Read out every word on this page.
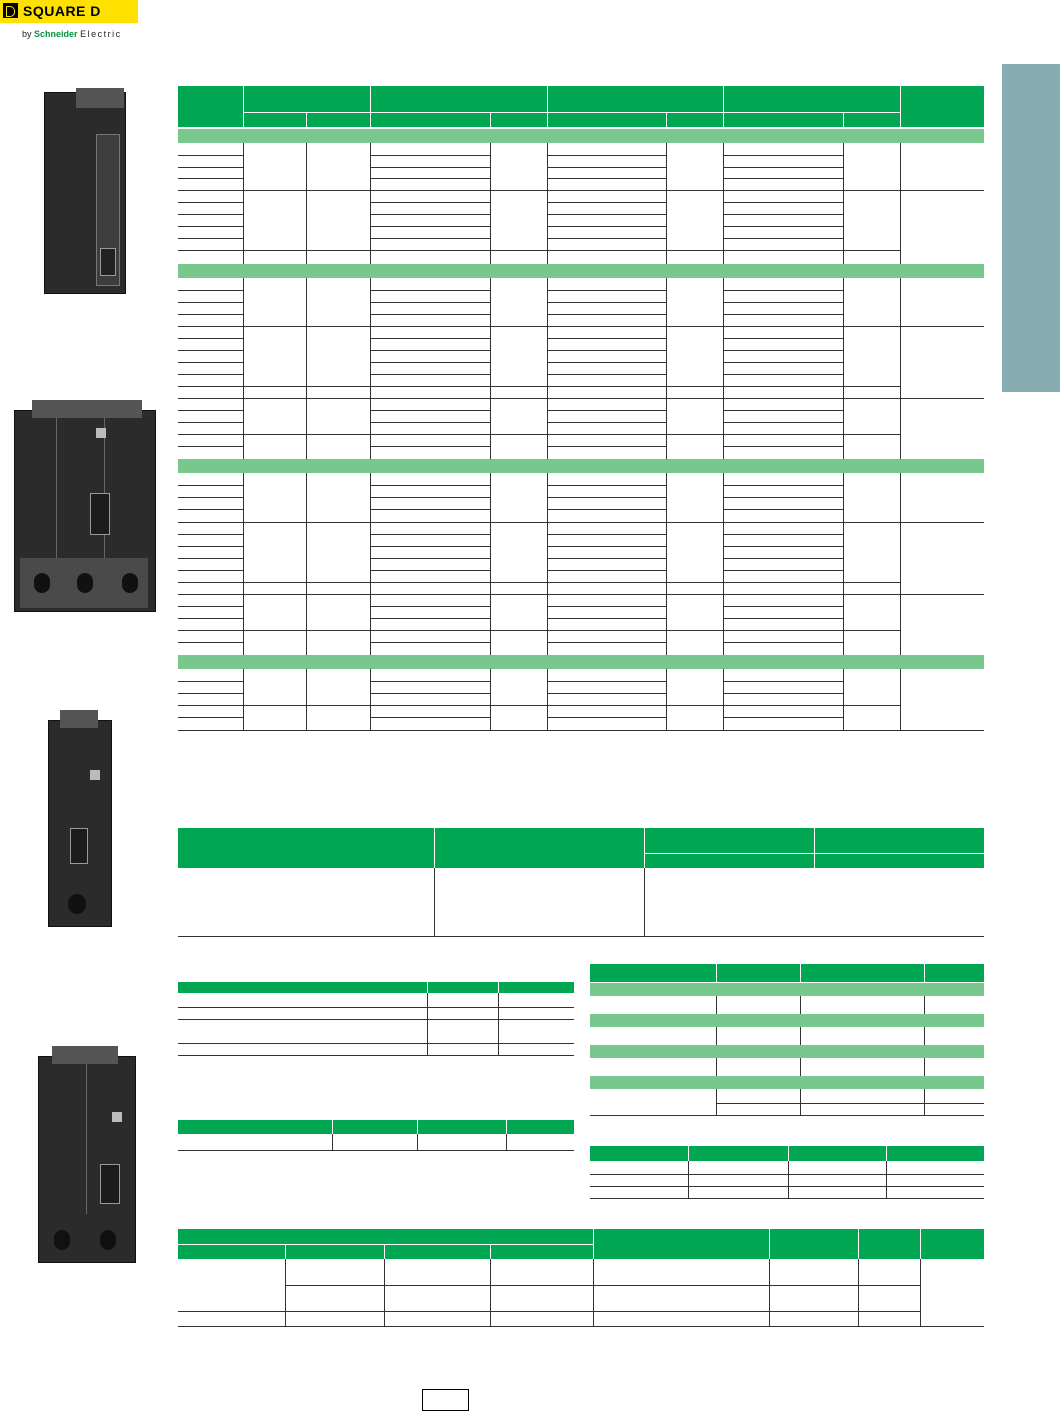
SQUARE D
by Schneider Electric
